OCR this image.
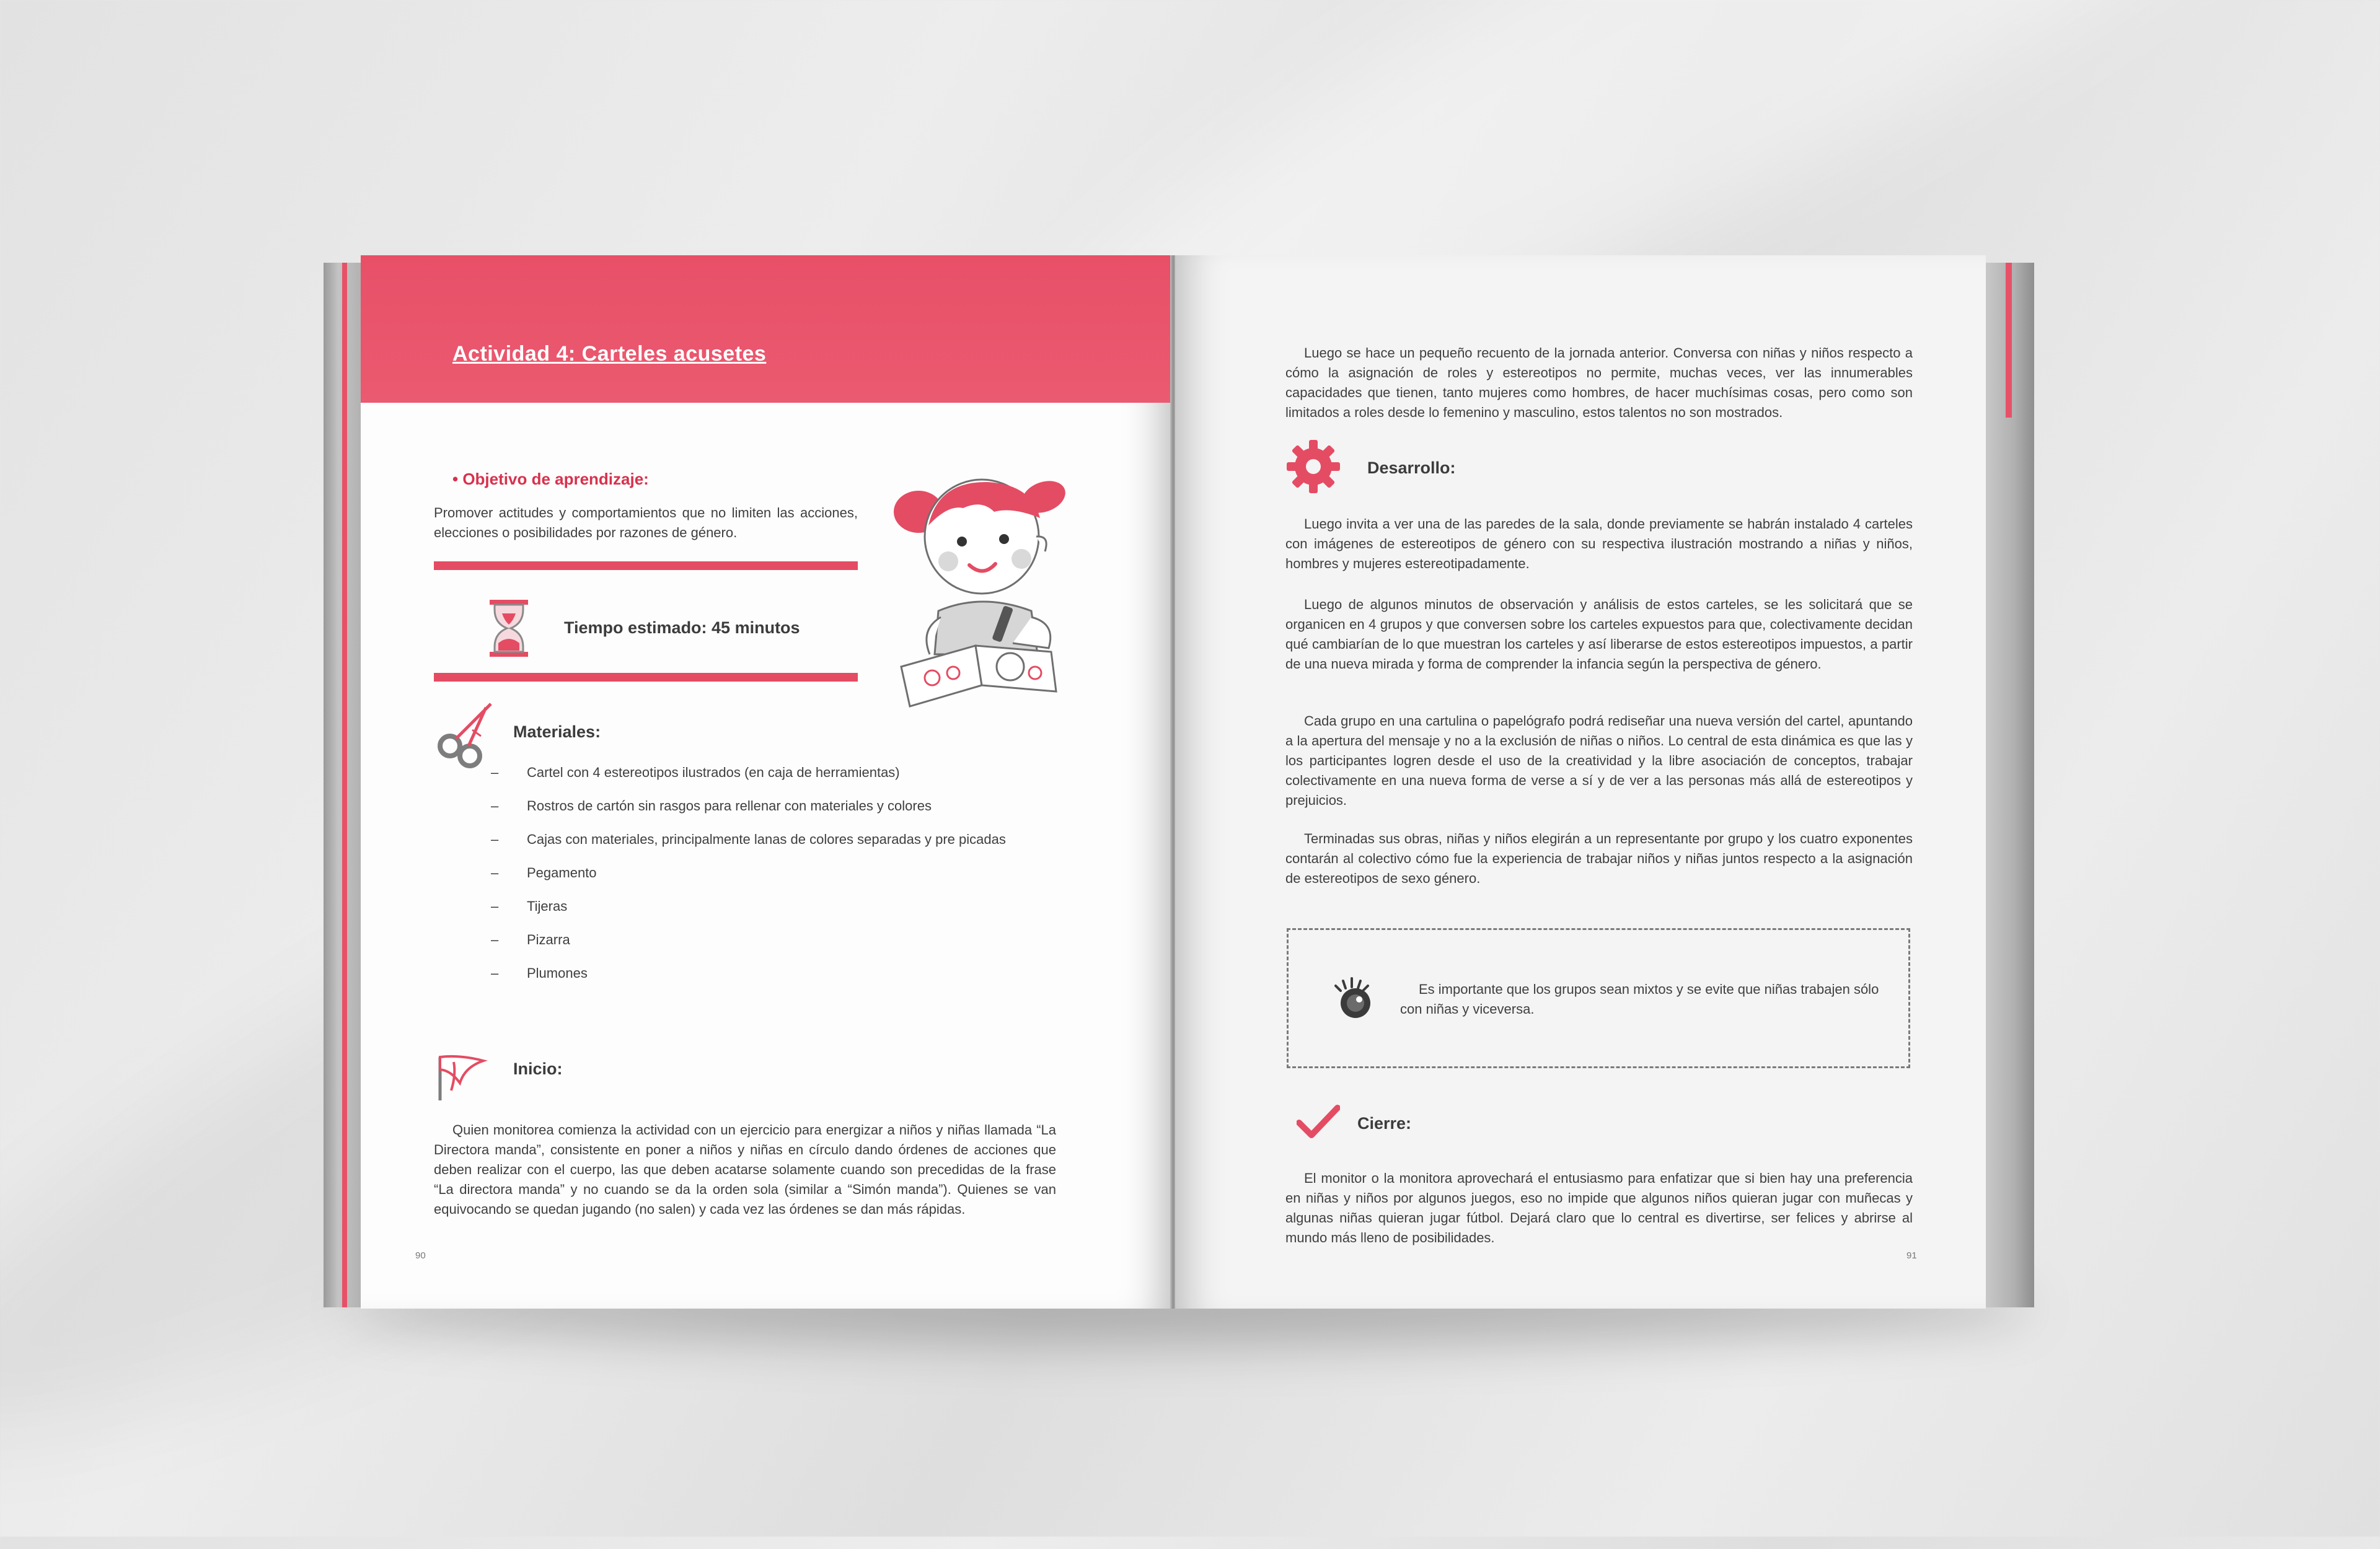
Actividad 4: Carteles acusetes
• Objetivo de aprendizaje:
Promover actitudes y comportamientos que no limiten las acciones, elecciones o posibilidades por razones de género.
Tiempo estimado: 45 minutos
Materiales:
– Cartel con 4 estereotipos ilustrados (en caja de herramientas)
– Rostros de cartón sin rasgos para rellenar con materiales y colores
– Cajas con materiales, principalmente lanas de colores separadas y pre picadas
– Pegamento
– Tijeras
– Pizarra
– Plumones
Inicio:
Quien monitorea comienza la actividad con un ejercicio para energizar a niños y niñas llamada “La Directora manda”, consistente en poner a niños y niñas en círculo dando órdenes de acciones que deben realizar con el cuerpo, las que deben acatarse solamente cuando son precedidas de la frase “La directora manda” y no cuando se da la orden sola (similar a “Simón manda”). Quienes se van equivocando se quedan jugando (no salen) y cada vez las órdenes se dan más rápidas.
90
Luego se hace un pequeño recuento de la jornada anterior. Conversa con niñas y niños respecto a cómo la asignación de roles y estereotipos no permite, muchas veces, ver las innumerables capacidades que tienen, tanto mujeres como hombres, de hacer muchísimas cosas, pero como son limitados a roles desde lo femenino y masculino, estos talentos no son mostrados.
Desarrollo:
Luego invita a ver una de las paredes de la sala, donde previamente se habrán instalado 4 carteles con imágenes de estereotipos de género con su respectiva ilustración mostrando a niñas y niños, hombres y mujeres estereotipadamente.
Luego de algunos minutos de observación y análisis de estos carteles, se les solicitará que se organicen en 4 grupos y que conversen sobre los carteles expuestos para que, colectivamente decidan qué cambiarían de lo que muestran los carteles y así liberarse de estos estereotipos impuestos, a partir de una nueva mirada y forma de comprender la infancia según la perspectiva de género.
Cada grupo en una cartulina o papelógrafo podrá rediseñar una nueva versión del cartel, apuntando a la apertura del mensaje y no a la exclusión de niñas o niños. Lo central de esta dinámica es que las y los participantes logren desde el uso de la creatividad y la libre asociación de conceptos, trabajar colectivamente en una nueva forma de verse a sí y de ver a las personas más allá de estereotipos y prejuicios.
Terminadas sus obras, niñas y niños elegirán a un representante por grupo y los cuatro exponentes contarán al colectivo cómo fue la experiencia de trabajar niños y niñas juntos respecto a la asignación de estereotipos de sexo género.
Es importante que los grupos sean mixtos y se evite que niñas trabajen sólo con niñas y viceversa.
Cierre:
El monitor o la monitora aprovechará el entusiasmo para enfatizar que si bien hay una preferencia en niñas y niños por algunos juegos, eso no impide que algunos niños quieran jugar con muñecas y algunas niñas quieran jugar fútbol. Dejará claro que lo central es divertirse, ser felices y abrirse al mundo más lleno de posibilidades.
91
